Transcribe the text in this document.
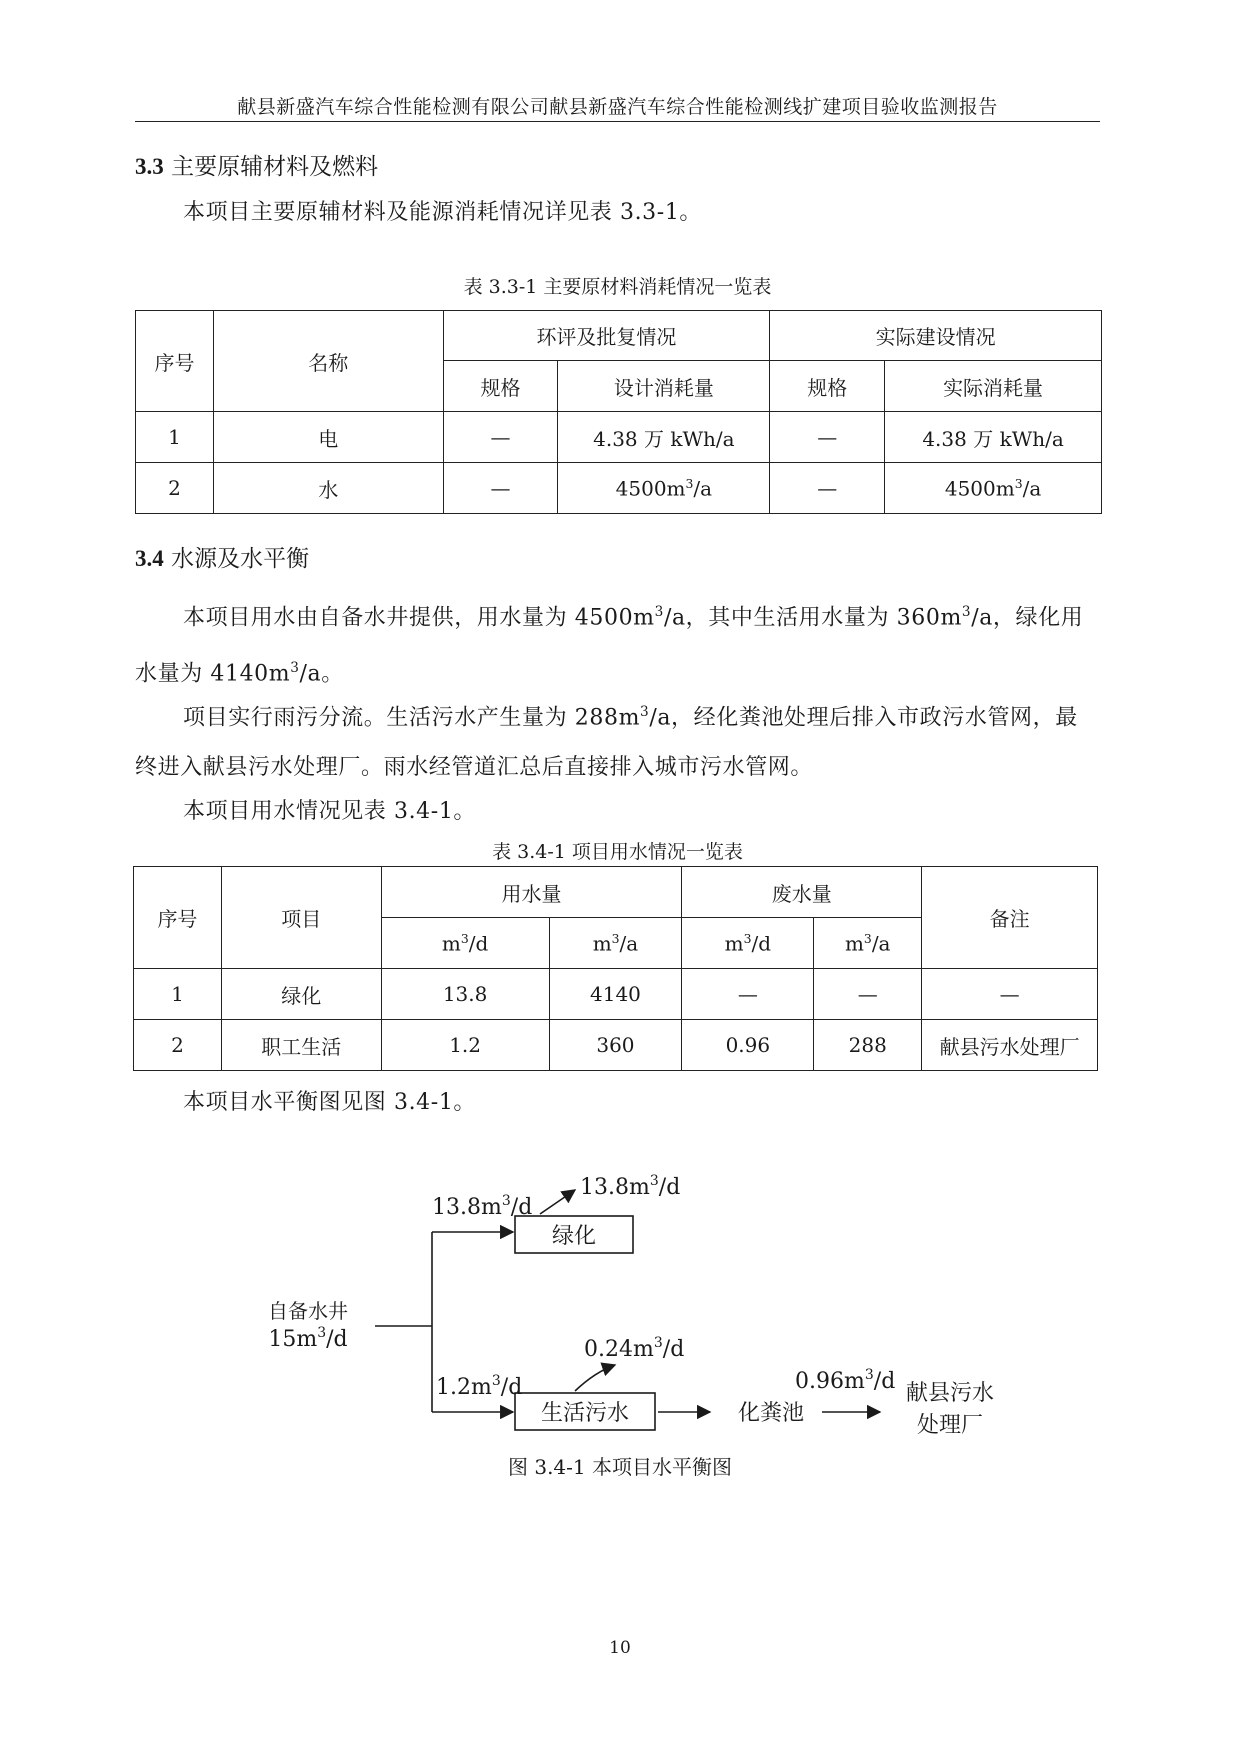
献县新盛汽车综合性能检测有限公司献县新盛汽车综合性能检测线扩建项目验收监测报告
3.3 主要原辅材料及燃料
本项目主要原辅材料及能源消耗情况详见表 3.3-1。
表 3.3-1 主要原材料消耗情况一览表
序号	名称	环评及批复情况		实际建设情况	
		规格	设计消耗量	规格	实际消耗量
1	电	—	4.38 万 kWh/a	—	4.38 万 kWh/a
2	水	—	$4500m^3/a$	—	$4500m^3/a$
3.4 水源及水平衡
本项目用水由自备水井提供，用水量为 $4500m^3/a$，其中生活用水量为 $360m^3/a$，绿化用水量为 $4140m^3/a$。
项目实行雨污分流。生活污水产生量为 $288m^3/a$，经化粪池处理后排入市政污水管网，最终进入献县污水处理厂。雨水经管道汇总后直接排入城市污水管网。
本项目用水情况见表 3.4-1。
表 3.4-1 项目用水情况一览表
序号	项目	用水量		废水量		备注
		$m^3/d$	$m^3/a$	$m^3/d$	$m^3/a$	
1	绿化	13.8	4140	—	—	—
2	职工生活	1.2	360	0.96	288	献县污水处理厂
本项目水平衡图见图 3.4-1。
自备水井
$15m^3/d$
$13.8m^3/d$
绿化
$13.8m^3/d$
$1.2m^3/d$
生活污水
$0.24m^3/d$
化粪池
$0.96m^3/d$ 献县污水
处理厂
图 3.4-1 本项目水平衡图
10
